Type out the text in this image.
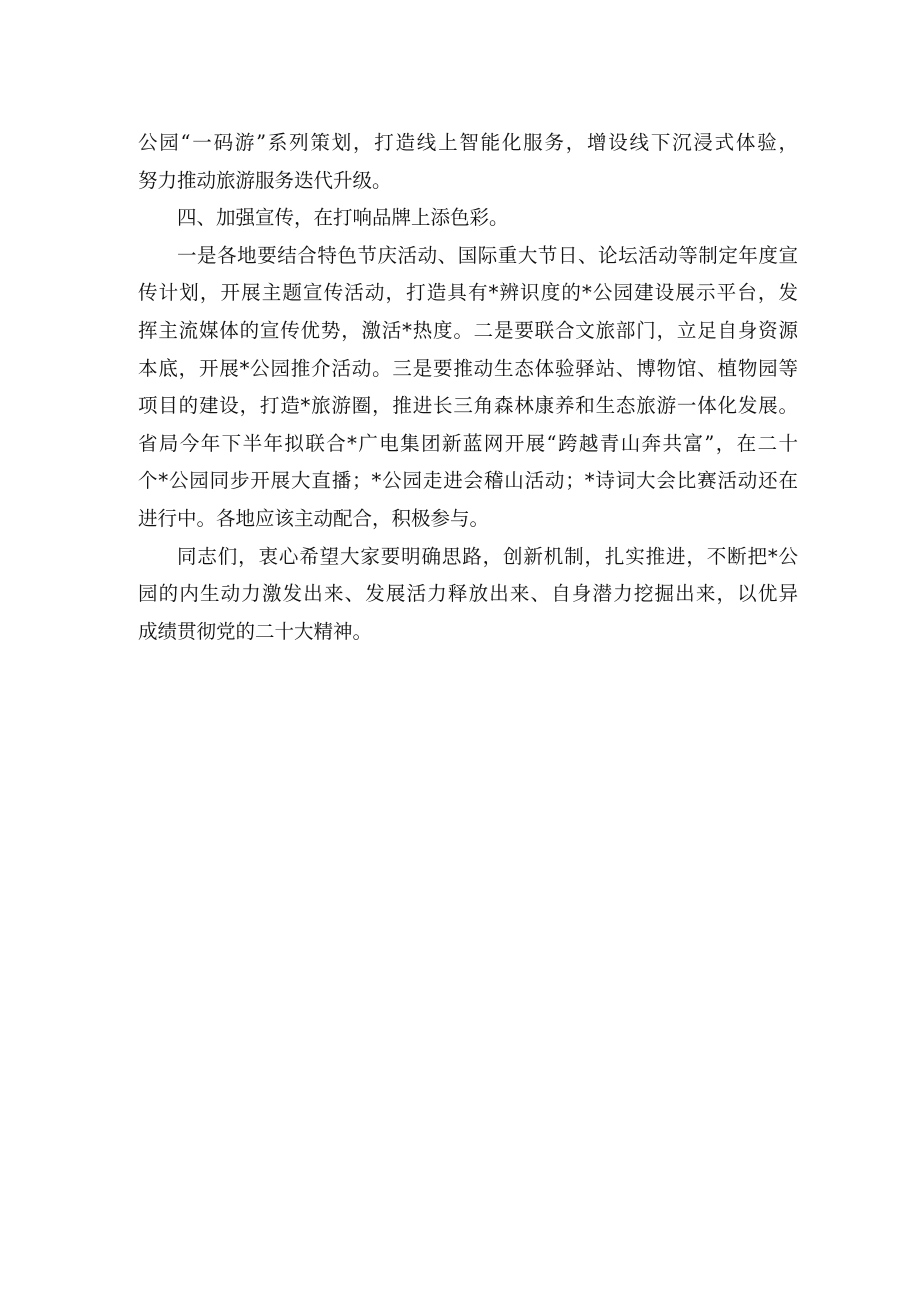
公园“一码游”系列策划，打造线上智能化服务，增设线下沉浸式体验，
努力推动旅游服务迭代升级。
四、加强宣传，在打响品牌上添色彩。
一是各地要结合特色节庆活动、国际重大节日、论坛活动等制定年度宣
传计划，开展主题宣传活动，打造具有*辨识度的*公园建设展示平台，发
挥主流媒体的宣传优势，激活*热度。二是要联合文旅部门，立足自身资源
本底，开展*公园推介活动。三是要推动生态体验驿站、博物馆、植物园等
项目的建设，打造*旅游圈，推进长三角森林康养和生态旅游一体化发展。
省局今年下半年拟联合*广电集团新蓝网开展“跨越青山奔共富”，在二十
个*公园同步开展大直播；*公园走进会稽山活动；*诗词大会比赛活动还在
进行中。各地应该主动配合，积极参与。
同志们，衷心希望大家要明确思路，创新机制，扎实推进，不断把*公
园的内生动力激发出来、发展活力释放出来、自身潜力挖掘出来，以优异
成绩贯彻党的二十大精神。
